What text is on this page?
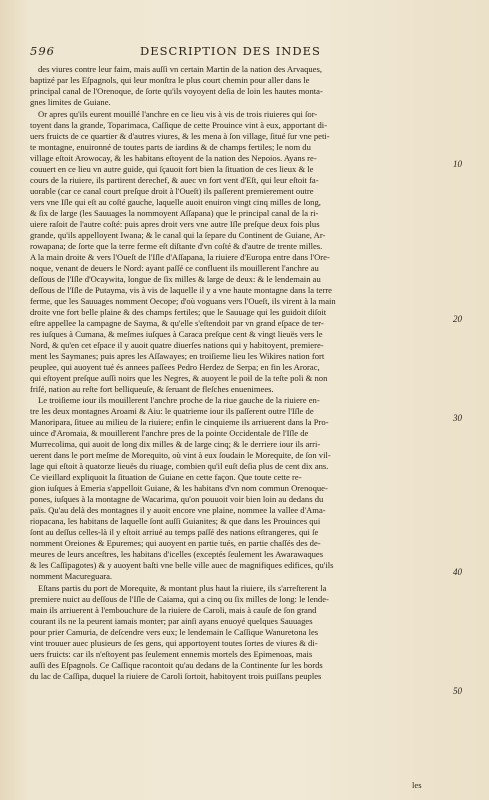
596	DESCRIPTION DES INDES

des viures contre leur faim, mais auſſi vn certain Martin de la nation des Arvaques,
baptizé par les Eſpagnols, qui leur monſtra le plus court chemin pour aller dans le
principal canal de l'Orenoque, de ſorte qu'ils voyoyent deſia de loin les hautes monta-
gnes limites de Guiane.

Or apres qu'ils eurent mouillé l'anchre en ce lieu vis à vis de trois riuieres qui ſor-
toyent dans la grande, Toparimaca, Caſſique de cette Prouince vint à eux, apportant di-
uers fruicts de ce quartier & d'autres viures, & les mena à ſon village, ſitué ſur vne peti-
te montagne, enuironné de toutes parts de iardins & de champs fertiles; le nom du
village eſtoit Arowocay, & les habitans eſtoyent de la nation des Nepoios. Ayans re-
couuert en ce lieu vn autre guide, qui ſçauoit fort bien la ſituation de ces lieux & le
cours de la riuiere, ils partirent derechef, & auec vn fort vent d'Eſt, qui leur eſtoit fa-
uorable (car ce canal court preſque droit à l'Oueſt) ils paſſerent premierement outre
vers vne Iſle qui eſt au coſté gauche, laquelle auoit enuiron vingt cinq milles de long,
& ſix de large (les Sauuages la nommoyent Aſſapana) que le principal canal de la ri-
uiere raſoit de l'autre coſté: puis apres droit vers vne autre Iſle preſque deux fois plus
grande, qu'ils appelloyent Iwana; & le canal qui la ſepare du Continent de Guiane, Ar-
rowapana; de ſorte que la terre ferme eſt diſtante d'vn coſté & d'autre de trente milles.
A la main droite & vers l'Oueſt de l'Iſle d'Aſſapana, la riuiere d'Europa entre dans l'Ore-
noque, venant de deuers le Nord: ayant paſſé ce confluent ils mouillerent l'anchre au
deſſous de l'Iſle d'Ocaywita, longue de ſix milles & large de deux: & le lendemain au
deſſous de l'Iſle de Putayma, vis à vis de laquelle il y a vne haute montagne dans la terre
ferme, que les Sauuages nomment Oecope; d'où voguans vers l'Oueſt, ils virent à la main
droite vne fort belle plaine & des champs fertiles; que le Sauuage qui les guidoit diſoit
eſtre appellee la campagne de Sayma, & qu'elle s'eſtendoit par vn grand eſpace de ter-
res iuſques à Cumana, & meſmes iuſques à Caraca preſque cent & vingt lieuës vers le
Nord, & qu'en cet eſpace il y auoit quatre diuerſes nations qui y habitoyent, premiere-
ment les Saymanes; puis apres les Aſſawayes; en troiſieme lieu les Wikires nation fort
peuplee, qui auoyent tué és annees paſſees Pedro Herdez de Serpa; en fin les Arorac,
qui eſtoyent preſque auſſi noirs que les Negres, & auoyent le poil de la teſte poli & non
friſé, nation au reſte fort belliqueuſe, & ſeruant de fleſches enuenimees.

Le troiſieme iour ils mouillerent l'anchre proche de la riue gauche de la riuiere en-
tre les deux montagnes Aroami & Aiu: le quatrieme iour ils paſſerent outre l'Iſle de
Manoripara, ſituee au milieu de la riuiere; enfin le cinquieme ils arriuerent dans la Pro-
uince d'Aromaia, & mouillerent l'anchre pres de la pointe Occidentale de l'Iſle de
Murrecolima, qui auoit de long dix milles & de large cinq; & le derriere iour ils arri-
uerent dans le port meſme de Morequito, où vint à eux ſoudain le Morequite, de ſon vil-
lage qui eſtoit à quatorze lieuës du riuage, combien qu'il euſt deſia plus de cent dix ans.
Ce vieillard expliquoit la ſituation de Guiane en cette façon. Que toute cette re-
gion iuſques à Emeria s'appelloit Guiane, & les habitans d'vn nom commun Orenoque-
pones, iuſques à la montagne de Wacarima, qu'on pouuoit voir bien loin au dedans du
païs. Qu'au delà des montagnes il y auoit encore vne plaine, nommee la vallee d'Ama-
riopacana, les habitans de laquelle ſont auſſi Guianites; & que dans les Prouinces qui
ſont au deſſus celles-là il y eſtoit arriué au temps paſſé des nations eſtrangeres, qui ſe
nomment Oreiones & Epuremes; qui auoyent en partie tués, en partie chaſſés des de-
meures de leurs anceſtres, les habitans d'icelles (exceptés ſeulement les Awarawaques
& les Caſſipagotes) & y auoyent baſti vne belle ville auec de magnifiques edifices, qu'ils
nomment Macureguara.

Eſtans partis du port de Morequite, & montant plus haut la riuiere, ils s'arreſterent la
premiere nuict au deſſous de l'Iſle de Caiama, qui a cinq ou ſix milles de long: le lende-
main ils arriuerent à l'embouchure de la riuiere de Caroli, mais à cauſe de ſon grand
courant ils ne la peurent iamais monter; par ainſi ayans enuoyé quelques Sauuages
pour prier Camuria, de deſcendre vers eux; le lendemain le Caſſique Wanuretona les
vint trouuer auec plusieurs de ſes gens, qui apportoyent toutes ſortes de viures & di-
uers fruicts: car ils n'eſtoyent pas ſeulement ennemis mortels des Epimenoas, mais
auſſi des Eſpagnols. Ce Caſſique racontoit qu'au dedans de la Continente ſur les bords
du lac de Caſſipa, duquel la riuiere de Caroli ſortoit, habitoyent trois puiſſans peuples

10
20
30
40
50
les
